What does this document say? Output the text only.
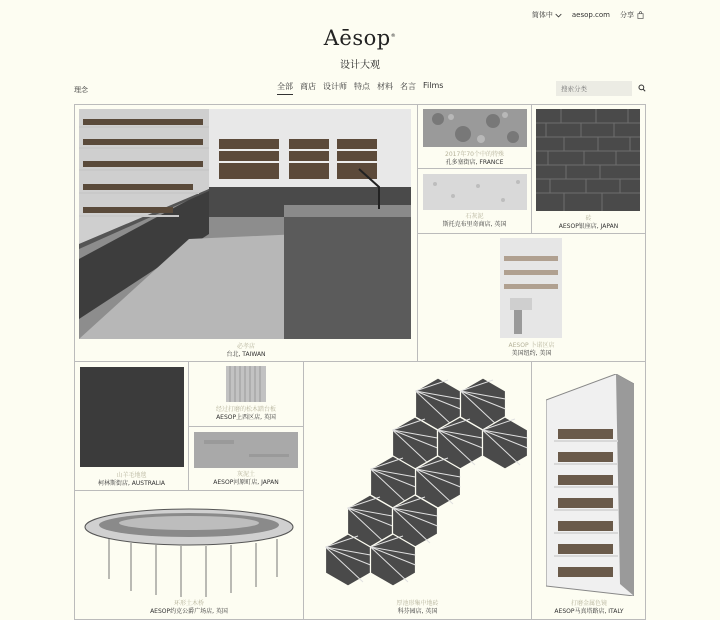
简体中	aesop.com 分享
Aēsop®
设计大观
理念	全部 商店 设计师 特点 材料 名言 Films
搜索分类
必孝店
台北, TAIWAN
2017年70个中的特殊
孔多塞街店, FRANCE
石灰泥
斯托克布里奇商店, 英国
砖
AESOP银座店, JAPAN
AESOP 卜诺区店
美国纽约, 美国
山羊毛地毯
柯林斯街店, AUSTRALIA
经过打磨的松木踏台板
AESOP上西区店, 英国
灰泥土
AESOP河原町店, JAPAN
厚池形集中地砖
科芬园店, 英国
打磨金属色镜
AESOP马真塔路店, ITALY
环形土木桥
AESOP约克公爵广场店, 英国
